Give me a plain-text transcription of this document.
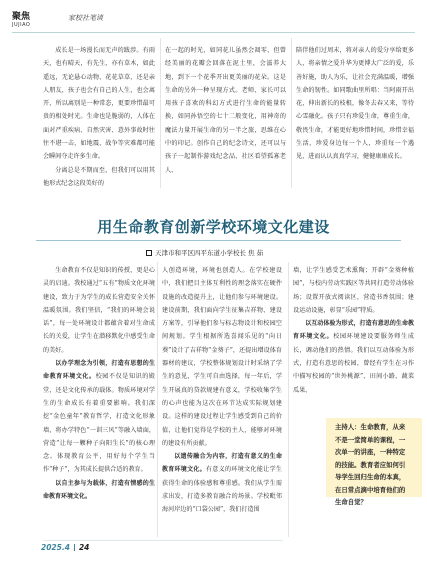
聚焦
JUJIAO
家校社笔谈

成长是一场漫长而无声的跋涉。有雨天，也有晴天，有先生，亦有草木，如此遥远，无论悬心动物、花花草草，还是亲人朋友，孩子也会有自己的人生，也会离开，所以离别是一种常态，更要珍惜最可贵的相处时光。生命也是脆弱的，人体在面对严重疾病、自然灾害、意外事故时往往不堪一击，如地震、战争等灾难都可能会瞬间夺走许多生命。

分离总是不期而至，但我们可以用其他形式纪念这段美好的

在一起的时光，如同花儿虽然会凋零，但曾经美丽的花瓣会回落在泥土里，会滋养大地，到下一个花季开出更美丽的花朵。这是生命的另外一种呈现方式。老师、家长可以用孩子喜欢的科幻方式进行生命的能量转换，如同孙悟空的七十二般变化，用神奇的魔法力量开展生命的另一半之旅，思维在心中的印记。创作自己的纪念诗文，还可以与孩子一起制作游戏纪念品、社区看望孤寡老人、

陪伴他们过周末，将对亲人的爱分享给更多人，将亲情之爱升华为更博大广泛的爱，乐善好施，助人为乐，让社会充满温暖，增强生命的韧性。如同歌曲里所唱：当阿雨开出花，伸出新长的枝根，像冬去春又来，等待心雪融化。孩子只有珍爱生命，尊重生命，敬畏生命，才能更好地珍惜时间，珍惜幸福生活，珍爱身边每一个人，珍重每一个遇见，进而认认真真学习，健健康康成长。

用生命教育创新学校环境文化建设
天津市和平区四平东道小学校长 焦 茹

生命教育不仅是知识的传授，更是心灵的启迪。我校通过“五有”物质文化环境建设，致力于为学生的成长营造安全关怀温暖氛围。我们坚信，“我们的环境会说话”，每一处环境设计都蕴含着对生命成长的关爱，让学生在潜移默化中感受生命的美好。

以办学理念为引领，打造有思想的生命教育环境文化。校园不仅是知识的殿堂，还是文化传承的载体。物质环境对学生的生命成长有着重要影响。我们深挖“金色童年”教育哲学，打造文化形象墙，将办学特色“一训三风”等融入墙面，营造“让每一颗种子向阳生长”的核心理念。体现教育公平，用好每个学生当作“种子”，为其成长提供合适的教育。

以自主参与为载体，打造有情感的生命教育环境文化。

人创造环境，环境也创造人。在学校建设中，我们把目主体互利性的理念落实在硬件设施的改造提升上，让他们参与环境建设。建设前期，我们面向学生征集吉祥物、建设方案等，引导他们参与标志物设计和校园空间规划。学生根据所选喜闻乐见的“向日葵”设计了吉祥物“金葵子”，还提出增设体育器材的建议，学校整体规划设计时采纳了学生的意见，学生可自由选择，每一年后，学生开展真的贷款规建有意义，学校收集学生的心声也能为这次在环节达成实际规划建设。这样的建设过程让学生感受到自己的价值，让他们觉得是学校的主人，能够对环境的建设有所贡献。

以遗传融合为内容，打造有意义的生命教育环境文化。有意义的环境文化能让学生获得生命的体验感和尊重感。我们从学生需求出发，打造多教育融合的场景。学校毗邻海河岸边的“口袋公园”，我们打造围

墙，让学生感受艺术熏陶；开辟“金葵种植园”，与校内劳动实践区等共同打造劳动体验场；设置开放式阅读区，营造书香氛围；建设运动设施，彰显“乐园”特质。

以互动体验为形式，打造有意思的生命教育环境文化。校园环境建设要服务师生成长，调动他们的热情。我们以互动体验为形式，打造有意思的校园，曾经有学生在习作中描写校园的“世外桃源”、田间小路、蔬菜瓜果、

主持人：生命教育，从来不是一堂简单的课程，一次单一的讲座，一种特定的技能。教育者应如何引导学生回归生命的本真，在日常点滴中培育他们的生命自觉？
2025.4 24
